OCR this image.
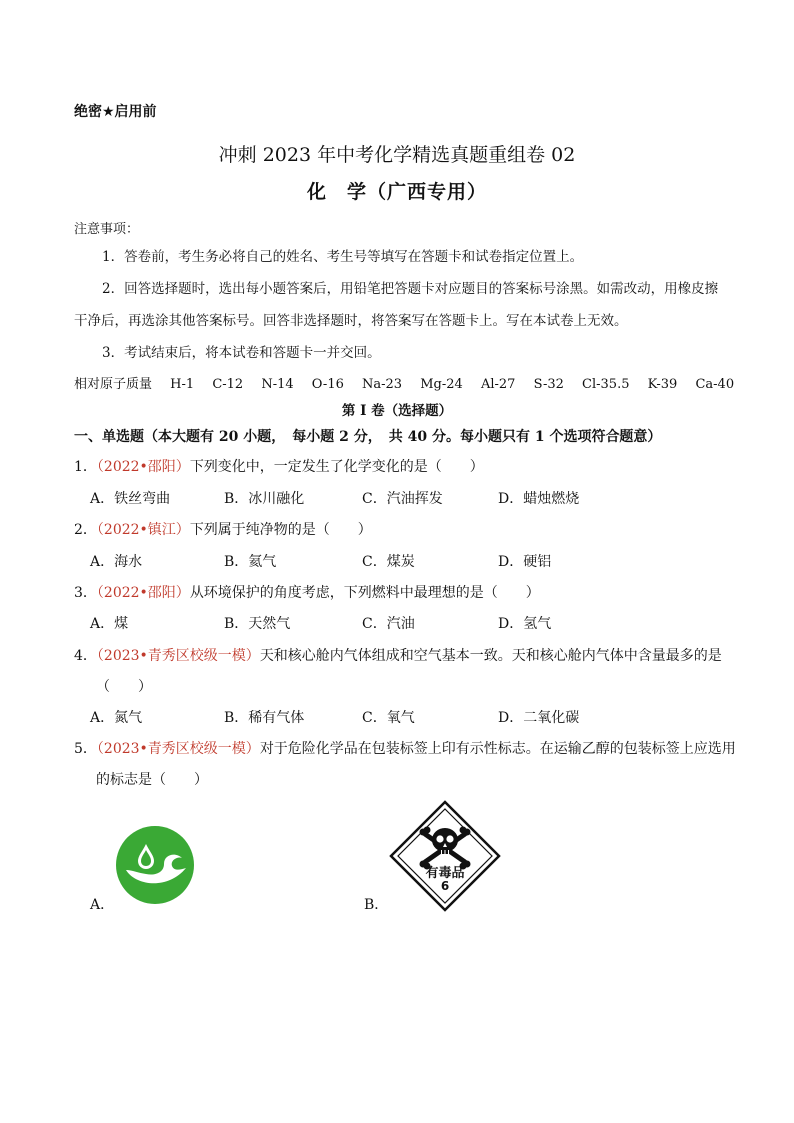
绝密★启用前
冲刺 2023 年中考化学精选真题重组卷 02
化　学（广西专用）
注意事项：

1．答卷前，考生务必将自己的姓名、考生号等填写在答题卡和试卷指定位置上。

2．回答选择题时，选出每小题答案后，用铅笔把答题卡对应题目的答案标号涂黑。如需改动，用橡皮擦干净后，再选涂其他答案标号。回答非选择题时，将答案写在答题卡上。写在本试卷上无效。

3．考试结束后，将本试卷和答题卡一并交回。

相对原子质量 H-1 C-12 N-14 O-16 Na-23 Mg-24 Al-27 S-32 Cl-35.5 K-39 Ca-40
第 I 卷（选择题）
一、单选题（本大题有 20 小题，　每小题 2 分，　共 40 分。每小题只有 1 个选项符合题意）
1．（2022•邵阳）下列变化中，一定发生了化学变化的是（　　）
A．铁丝弯曲	B．冰川融化	C．汽油挥发	D．蜡烛燃烧
2．（2022•镇江）下列属于纯净物的是（　　）
A．海水	B．氦气	C．煤炭	D．硬铝
3．（2022•邵阳）从环境保护的角度考虑，下列燃料中最理想的是（　　）
A．煤	B．天然气	C．汽油	D．氢气
4．（2023•青秀区校级一模）天和核心舱内气体组成和空气基本一致。天和核心舱内气体中含量最多的是
（　　）
A．氮气	B．稀有气体	C．氧气	D．二氧化碳
5．（2023•青秀区校级一模）对于危险化学品在包装标签上印有示性标志。在运输乙醇的包装标签上应选用
的标志是（　　）
A．
有毒品
6
B．
